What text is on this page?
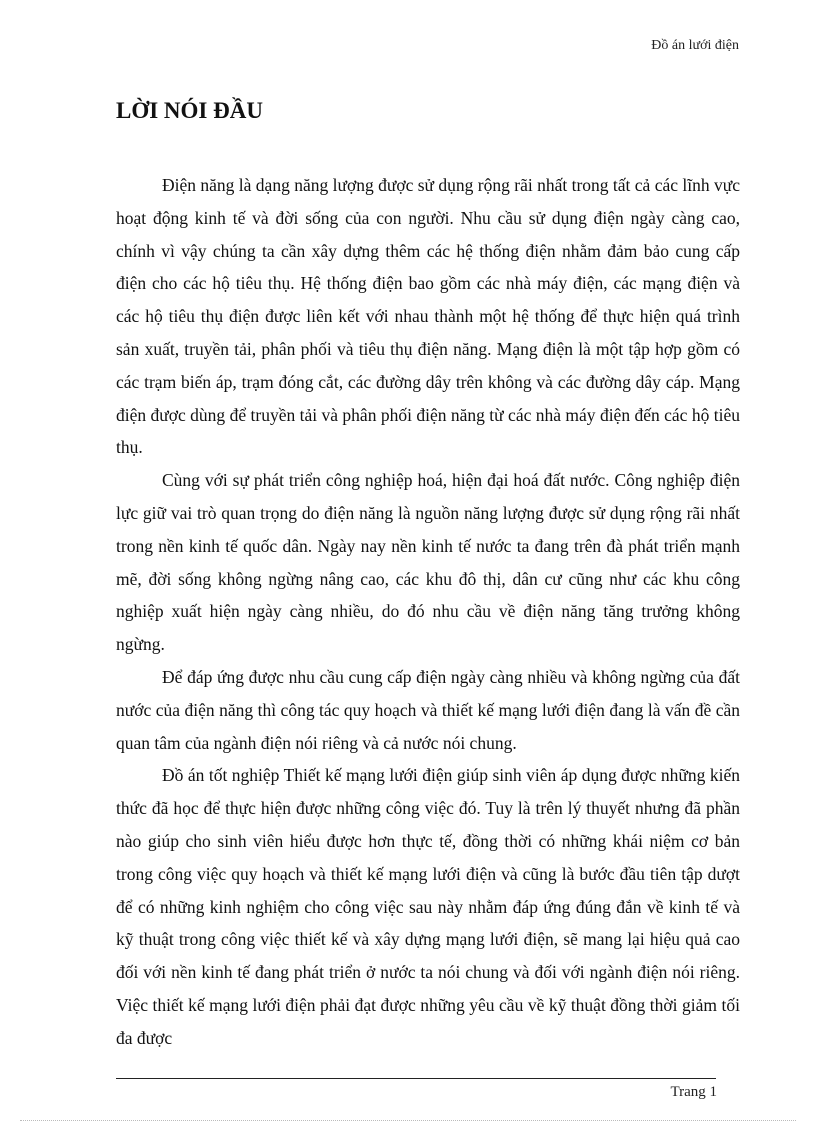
Đồ án lưới điện
LỜI NÓI ĐẦU

Điện năng là dạng năng lượng được sử dụng rộng rãi nhất trong tất cả các lĩnh vực hoạt động kinh tế và đời sống của con người. Nhu cầu sử dụng điện ngày càng cao, chính vì vậy chúng ta cần xây dựng thêm các hệ thống điện nhằm đảm bảo cung cấp điện cho các hộ tiêu thụ. Hệ thống điện bao gồm các nhà máy điện, các mạng điện và các hộ tiêu thụ điện được liên kết với nhau thành một hệ thống để thực hiện quá trình sản xuất, truyền tải, phân phối và tiêu thụ điện năng. Mạng điện là một tập hợp gồm có các trạm biến áp, trạm đóng cắt, các đường dây trên không và các đường dây cáp. Mạng điện được dùng để truyền tải và phân phối điện năng từ các nhà máy điện đến các hộ tiêu thụ.

Cùng với sự phát triển công nghiệp hoá, hiện đại hoá đất nước. Công nghiệp điện lực giữ vai trò quan trọng do điện năng là nguồn năng lượng được sử dụng rộng rãi nhất trong nền kinh tế quốc dân. Ngày nay nền kinh tế nước ta đang trên đà phát triển mạnh mẽ, đời sống không ngừng nâng cao, các khu đô thị, dân cư cũng như các khu công nghiệp xuất hiện ngày càng nhiều, do đó nhu cầu về điện năng tăng trưởng không ngừng.

Để đáp ứng được nhu cầu cung cấp điện ngày càng nhiều và không ngừng của đất nước của điện năng thì công tác quy hoạch và thiết kế mạng lưới điện đang là vấn đề cần quan tâm của ngành điện nói riêng và cả nước nói chung.

Đồ án tốt nghiệp Thiết kế mạng lưới điện giúp sinh viên áp dụng được những kiến thức đã học để thực hiện được những công việc đó. Tuy là trên lý thuyết nhưng đã phần nào giúp cho sinh viên hiểu được hơn thực tế, đồng thời có những khái niệm cơ bản trong công việc quy hoạch và thiết kế mạng lưới điện và cũng là bước đầu tiên tập dượt để có những kinh nghiệm cho công việc sau này nhằm đáp ứng đúng đắn về kinh tế và kỹ thuật trong công việc thiết kế và xây dựng mạng lưới điện, sẽ mang lại hiệu quả cao đối với nền kinh tế đang phát triển ở nước ta nói chung và đối với ngành điện nói riêng. Việc thiết kế mạng lưới điện phải đạt được những yêu cầu về kỹ thuật đồng thời giảm tối đa được

Trang 1
